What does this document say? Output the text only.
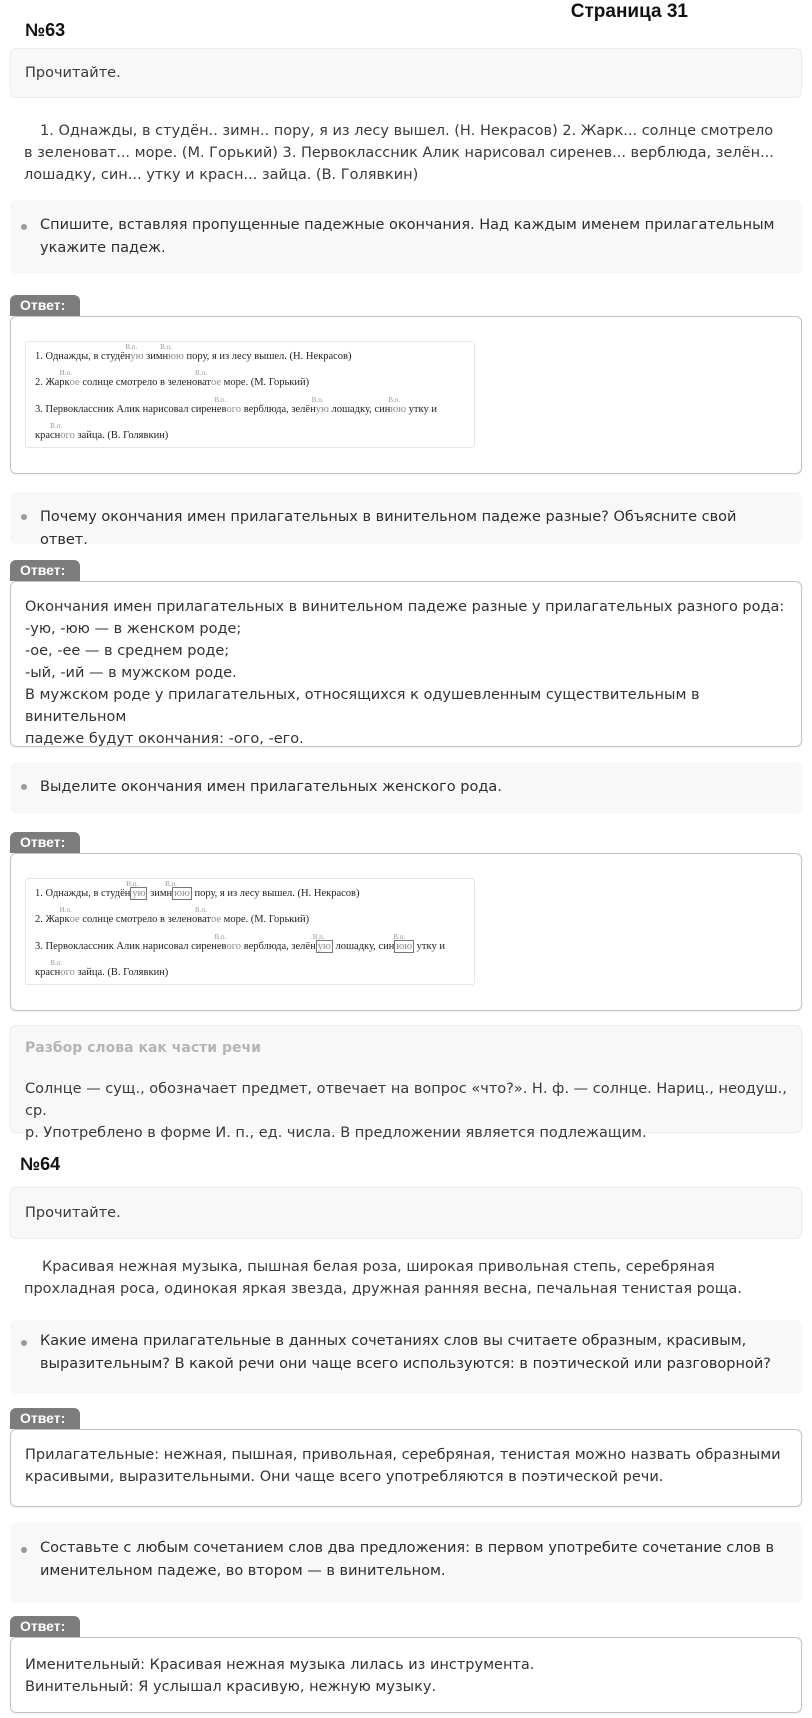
Страница 31
№63
Прочитайте.
1. Однажды, в студён.. зимн.. пору, я из лесу вышел. (Н. Некрасов) 2. Жарк... солнце смотрело в зеленоват... море. (М. Горький) 3. Первоклассник Алик нарисовал сиренев... верблюда, зелён... лошадку, син... утку и красн... зайца. (В. Голявкин)
Спишите, вставляя пропущенные падежные окончания. Над каждым именем прилагательным укажите падеж.
Ответ:
1. Однажды, в студён
В.п.
ую зимн
В.п.
юю пору, я из лесу вышел. (Н. Некрасов)
2. Жарк
И.п.
ое солнце смотрело в зеленоват
В.п.
ое море. (М. Горький)
3. Первоклассник Алик нарисовал сиренев
В.п.
ого верблюда, зелён
В.п.
ую лошадку, син
В.п.
юю утку и
красн
В.п.
ого зайца. (В. Голявкин)
Почему окончания имен прилагательных в винительном падеже разные? Объясните свой ответ.
Ответ:
Окончания имен прилагательных в винительном падеже разные у прилагательных разного рода:
-ую, -юю — в женском роде;
-ое, -ее — в среднем роде;
-ый, -ий — в мужском роде.
В мужском роде у прилагательных, относящихся к одушевленным существительным в винительном
падеже будут окончания: -ого, -его.
Выделите окончания имен прилагательных женского рода.
Ответ:
1. Однажды, в студён
В.п.
ую зимн
В.п.
юю пору, я из лесу вышел. (Н. Некрасов)
2. Жарк
И.п.
ое солнце смотрело в зеленоват
В.п.
ое море. (М. Горький)
3. Первоклассник Алик нарисовал сиренев
В.п.
ого верблюда, зелён
В.п.
ую лошадку, син
В.п.
юю утку и
красн
В.п.
ого зайца. (В. Голявкин)
Разбор слова как части речи
Солнце — сущ., обозначает предмет, отвечает на вопрос «что?». Н. ф. — солнце. Нариц., неодуш., ср.
р. Употреблено в форме И. п., ед. числа. В предложении является подлежащим.
№64
Прочитайте.
Красивая нежная музыка, пышная белая роза, широкая привольная степь, серебряная
прохладная роса, одинокая яркая звезда, дружная ранняя весна, печальная тенистая роща.
Какие имена прилагательные в данных сочетаниях слов вы считаете образным, красивым, выразительным? В какой речи они чаще всего используются: в поэтической или разговорной?
Ответ:
Прилагательные: нежная, пышная, привольная, серебряная, тенистая можно назвать образными
красивыми, выразительными. Они чаще всего употребляются в поэтической речи.
Составьте с любым сочетанием слов два предложения: в первом употребите сочетание слов в именительном падеже, во втором — в винительном.
Ответ:
Именительный: Красивая нежная музыка лилась из инструмента.
Винительный: Я услышал красивую, нежную музыку.
